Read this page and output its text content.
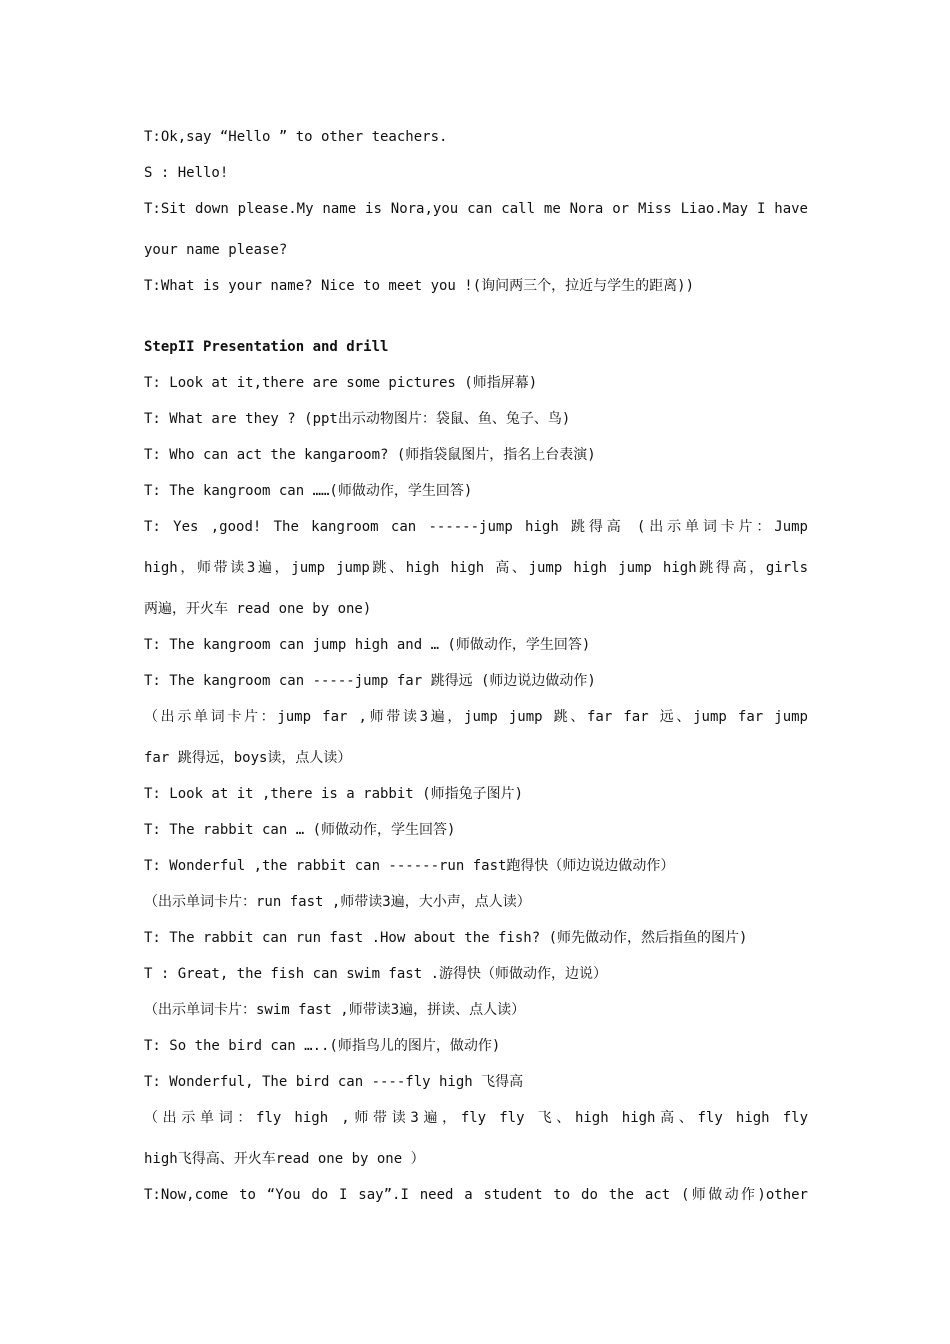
T:Ok,say “Hello ” to other teachers.
S : Hello!
T:Sit down please.My name is Nora,you can call me Nora or Miss Liao.May I have
your name please?
T:What is your name? Nice to meet you !(询问两三个，拉近与学生的距离))
StepII Presentation and drill
T: Look at it,there are some pictures (师指屏幕)
T: What are they ? (ppt出示动物图片：袋鼠、鱼、兔子、鸟)
T: Who can act the kangaroom? (师指袋鼠图片，指名上台表演)
T: The kangroom can ……(师做动作，学生回答)
T: Yes ,good! The kangroom can ------jump high 跳得高 (出示单词卡片：Jump
high，师带读3遍，jump jump跳、high high 高、jump high jump high跳得高，girls
两遍，开火车 read one by one)
T: The kangroom can jump high and … (师做动作，学生回答)
T: The kangroom can -----jump far 跳得远 (师边说边做动作)
（出示单词卡片：jump far ,师带读3遍，jump jump 跳、far far 远、jump far jump
far 跳得远，boys读，点人读）
T: Look at it ,there is a rabbit (师指兔子图片)
T: The rabbit can … (师做动作，学生回答)
T: Wonderful ,the rabbit can ------run fast跑得快（师边说边做动作）
（出示单词卡片：run fast ,师带读3遍，大小声，点人读）
T: The rabbit can run fast .How about the fish? (师先做动作，然后指鱼的图片)
T : Great, the fish can swim fast .游得快（师做动作，边说）
（出示单词卡片：swim fast ,师带读3遍，拼读、点人读）
T: So the bird can …..(师指鸟儿的图片，做动作)
T: Wonderful, The bird can ----fly high 飞得高
（出示单词：fly high ,师带读3遍，fly fly 飞、high high高、fly high fly
high飞得高、开火车read one by one ）
T:Now,come to “You do I say”.I need a student to do the act (师做动作)other
